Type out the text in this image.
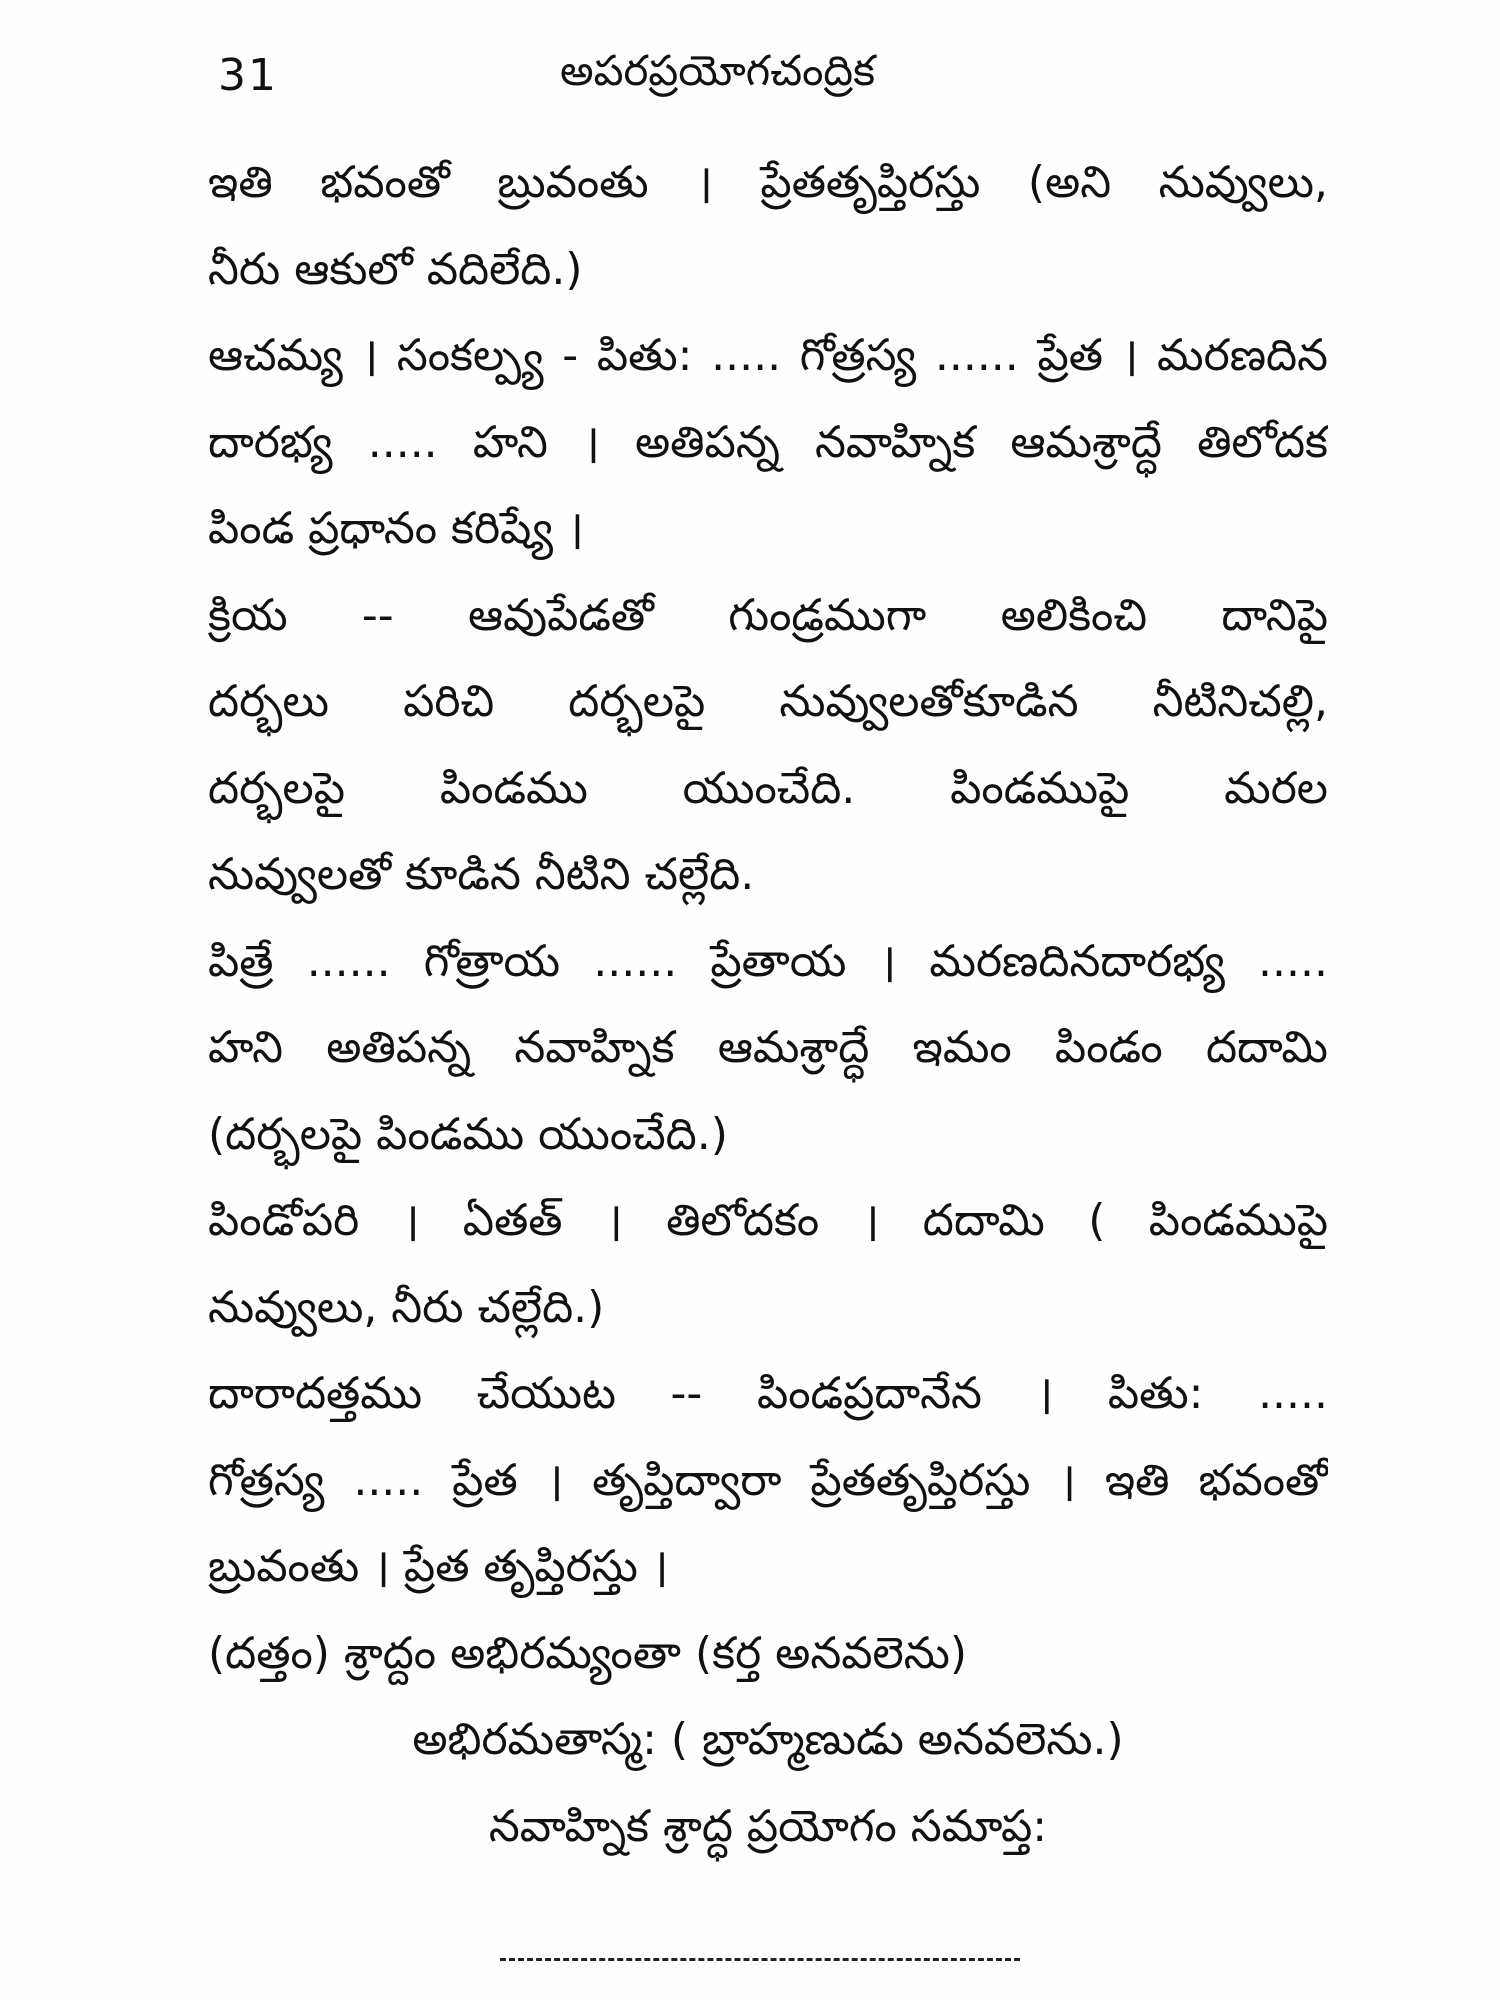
31	అపరప్రయోగచంద్రిక
ఇతి భవంతో బ్రువంతు । ప్రేతతృప్తిరస్తు (అని నువ్వులు,
నీరు ఆకులో వదిలేది.)
ఆచమ్య । సంకల్ప్య - పితు: ..... గోత్రస్య ...... ప్రేత । మరణదిన
దారభ్య ..... హని । అతిపన్న నవాహ్నిక ఆమశ్రాద్ధే తిలోదక
పిండ ప్రధానం కరిష్యే ।
క్రియ -- ఆవుపేడతో గుండ్రముగా అలికించి దానిపై
దర్భలు పరిచి దర్భలపై నువ్వులతోకూడిన నీటినిచల్లి,
దర్భలపై పిండము యుంచేది. పిండముపై మరల
నువ్వులతో కూడిన నీటిని చల్లేది.
పిత్రే ...... గోత్రాయ ...... ప్రేతాయ । మరణదినదారభ్య .....
హని అతిపన్న నవాహ్నిక ఆమశ్రాద్ధే ఇమం పిండం దదామి
(దర్భలపై పిండము యుంచేది.)
పిండోపరి । ఏతత్ । తిలోదకం । దదామి ( పిండముపై
నువ్వులు, నీరు చల్లేది.)
దారాదత్తము చేయుట -- పిండప్రదానేన । పితు: .....
గోత్రస్య ..... ప్రేత । తృప్తిద్వారా ప్రేతతృప్తిరస్తు । ఇతి భవంతో
బ్రువంతు । ప్రేత తృప్తిరస్తు ।
(దత్తం) శ్రాద్దం అభిరమ్యంతా (కర్త అనవలెను)
అభిరమతాస్మ: ( బ్రాహ్మణుడు అనవలెను.)
నవాహ్నిక శ్రాద్ధ ప్రయోగం సమాప్త:
